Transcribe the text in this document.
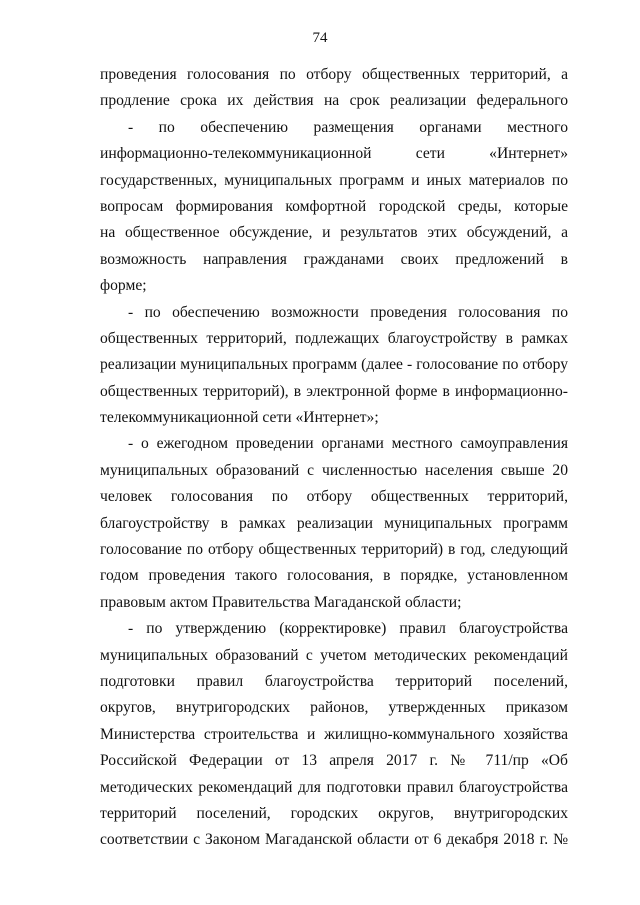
74
проведения голосования по отбору общественных территорий, а
продление срока их действия на срок реализации федерального
- по обеспечению размещения органами местного
информационно-телекоммуникационной сети «Интернет»
государственных, муниципальных программ и иных материалов по
вопросам формирования комфортной городской среды, которые
на общественное обсуждение, и результатов этих обсуждений, а
возможность направления гражданами своих предложений в
форме;
- по обеспечению возможности проведения голосования по
общественных территорий, подлежащих благоустройству в рамках
реализации муниципальных программ (далее - голосование по отбору
общественных территорий), в электронной форме в информационно-
телекоммуникационной сети «Интернет»;
- о ежегодном проведении органами местного самоуправления
муниципальных образований с численностью населения свыше 20
человек голосования по отбору общественных территорий,
благоустройству в рамках реализации муниципальных программ
голосование по отбору общественных территорий) в год, следующий
годом проведения такого голосования, в порядке, установленном
правовым актом Правительства Магаданской области;
- по утверждению (корректировке) правил благоустройства
муниципальных образований с учетом методических рекомендаций
подготовки правил благоустройства территорий поселений,
округов, внутригородских районов, утвержденных приказом
Министерства строительства и жилищно-коммунального хозяйства
Российской Федерации от 13 апреля 2017 г. № 711/пр «Об
методических рекомендаций для подготовки правил благоустройства
территорий поселений, городских округов, внутригородских
соответствии с Законом Магаданской области от 6 декабря 2018 г. №
